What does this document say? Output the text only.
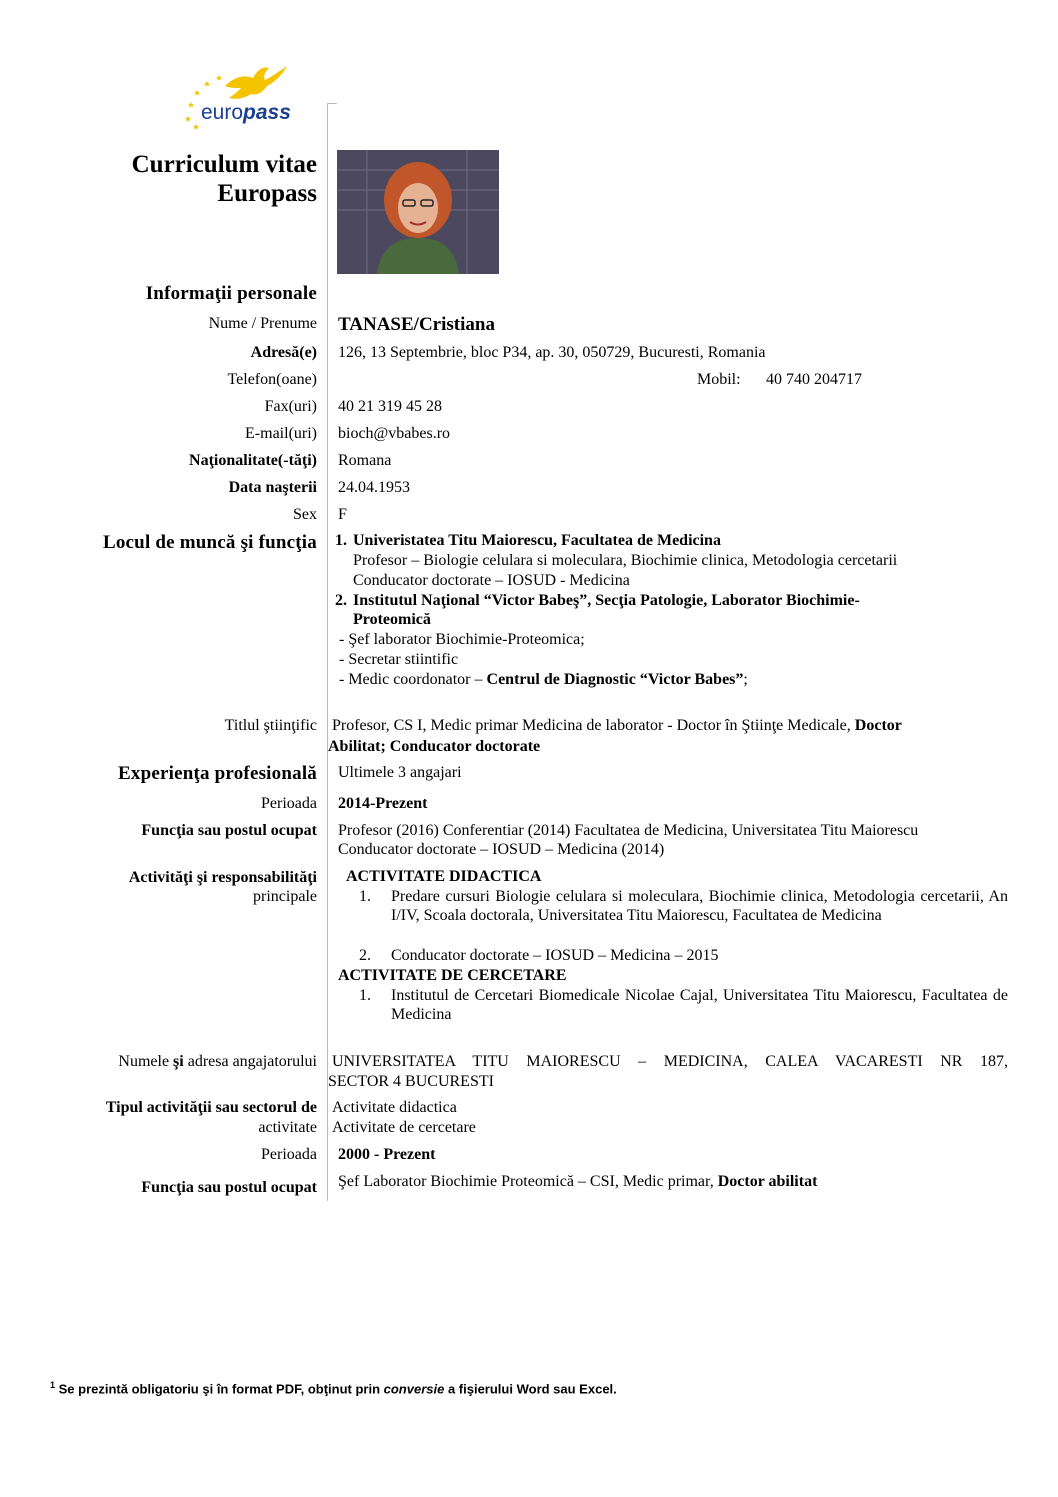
europass
Curriculum vitae
Europass
Informaţii personale
Nume / Prenume TANASE/Cristiana
Adresă(e) 126, 13 Septembrie, bloc P34, ap. 30, 050729, Bucuresti, Romania
Telefon(oane)	Mobil: 40 740 204717
Fax(uri) 40 21 319 45 28
E-mail(uri) bioch@vbabes.ro
Naţionalitate(-tăţi) Romana
Data naşterii 24.04.1953
Sex F
Locul de muncă şi funcţia 1. Univeristatea Titu Maiorescu, Facultatea de Medicina
Profesor – Biologie celulara si moleculara, Biochimie clinica, Metodologia cercetarii
Conducator doctorate – IOSUD - Medicina
2. Institutul Naţional “Victor Babeş”, Secţia Patologie, Laborator Biochimie-
Proteomică
- Şef laborator Biochimie-Proteomica;
- Secretar stiintific
- Medic coordonator – Centrul de Diagnostic “Victor Babes”;
Titlul ştiinţific Profesor, CS I, Medic primar Medicina de laborator - Doctor în Ştiinţe Medicale, Doctor
Abilitat; Conducator doctorate
Experienţa profesională Ultimele 3 angajari
Perioada 2014-Prezent
Funcţia sau postul ocupat Profesor (2016) Conferentiar (2014) Facultatea de Medicina, Universitatea Titu Maiorescu
Conducator doctorate – IOSUD – Medicina (2014)
Activităţi şi responsabilităţi
principale
ACTIVITATE DIDACTICA
1. Predare cursuri Biologie celulara si moleculara, Biochimie clinica, Metodologia cercetarii, An I/IV, Scoala doctorala, Universitatea Titu Maiorescu, Facultatea de Medicina
2. Conducator doctorate – IOSUD – Medicina – 2015
ACTIVITATE DE CERCETARE
1. Institutul de Cercetari Biomedicale Nicolae Cajal, Universitatea Titu Maiorescu, Facultatea de Medicina
Numele şi adresa angajatorului UNIVERSITATEA TITU MAIORESCU – MEDICINA, CALEA VACARESTI NR 187,
SECTOR 4 BUCURESTI
Tipul activităţii sau sectorul de
activitate
Activitate didactica
Activitate de cercetare
Perioada 2000 - Prezent
Funcţia sau postul ocupat Şef Laborator Biochimie Proteomică – CSI, Medic primar, Doctor abilitat
$^1$ Se prezintă obligatoriu şi în format PDF, obţinut prin conversie a fişierului Word sau Excel.
